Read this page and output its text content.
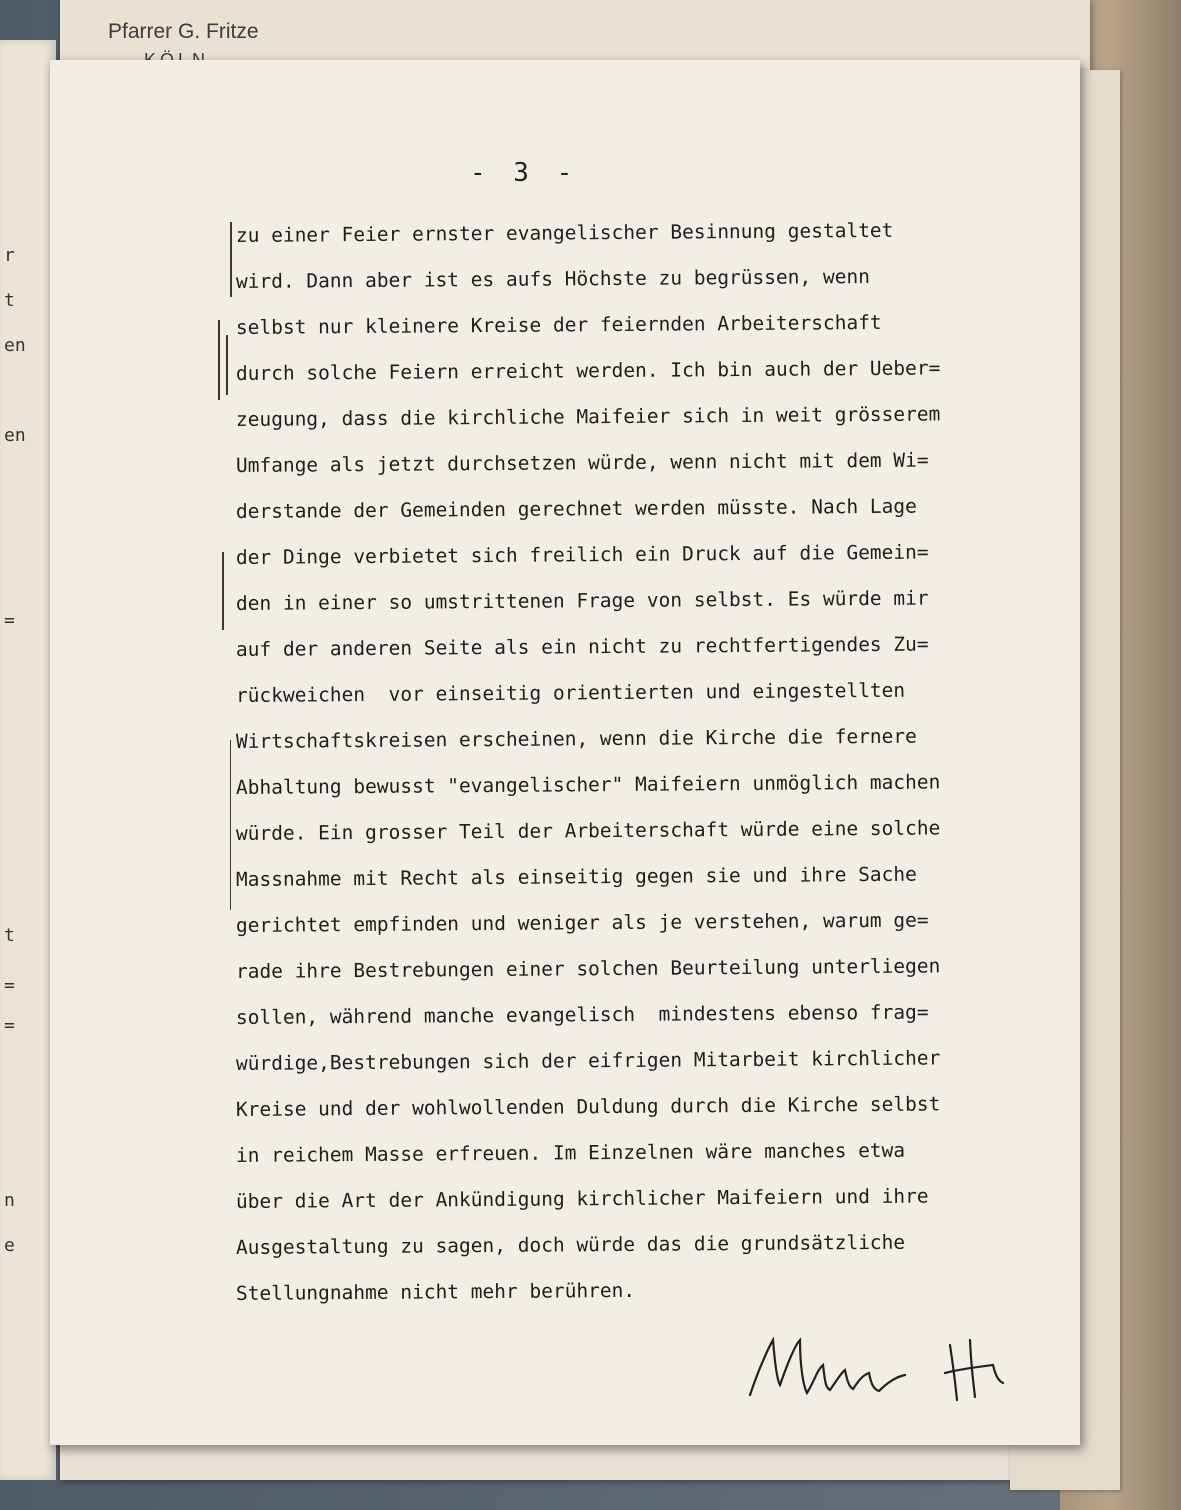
r
t
en
en
=
t
=
=
n
e
Pfarrer G. Fritze
- 3 -
zu einer Feier ernster evangelischer Besinnung gestaltet
wird. Dann aber ist es aufs Höchste zu begrüssen, wenn
selbst nur kleinere Kreise der feiernden Arbeiterschaft
durch solche Feiern erreicht werden. Ich bin auch der Ueber=
zeugung, dass die kirchliche Maifeier sich in weit grösserem
Umfange als jetzt durchsetzen würde, wenn nicht mit dem Wi=
derstande der Gemeinden gerechnet werden müsste. Nach Lage
der Dinge verbietet sich freilich ein Druck auf die Gemein=
den in einer so umstrittenen Frage von selbst. Es würde mir
auf der anderen Seite als ein nicht zu rechtfertigendes Zu=
rückweichen  vor einseitig orientierten und eingestellten
Wirtschaftskreisen erscheinen, wenn die Kirche die fernere
Abhaltung bewusst "evangelischer" Maifeiern unmöglich machen
würde. Ein grosser Teil der Arbeiterschaft würde eine solche
Massnahme mit Recht als einseitig gegen sie und ihre Sache
gerichtet empfinden und weniger als je verstehen, warum ge=
rade ihre Bestrebungen einer solchen Beurteilung unterliegen
sollen, während manche evangelisch  mindestens ebenso frag=
würdige,Bestrebungen sich der eifrigen Mitarbeit kirchlicher
Kreise und der wohlwollenden Duldung durch die Kirche selbst
in reichem Masse erfreuen. Im Einzelnen wäre manches etwa
über die Art der Ankündigung kirchlicher Maifeiern und ihre
Ausgestaltung zu sagen, doch würde das die grundsätzliche
Stellungnahme nicht mehr berühren.
